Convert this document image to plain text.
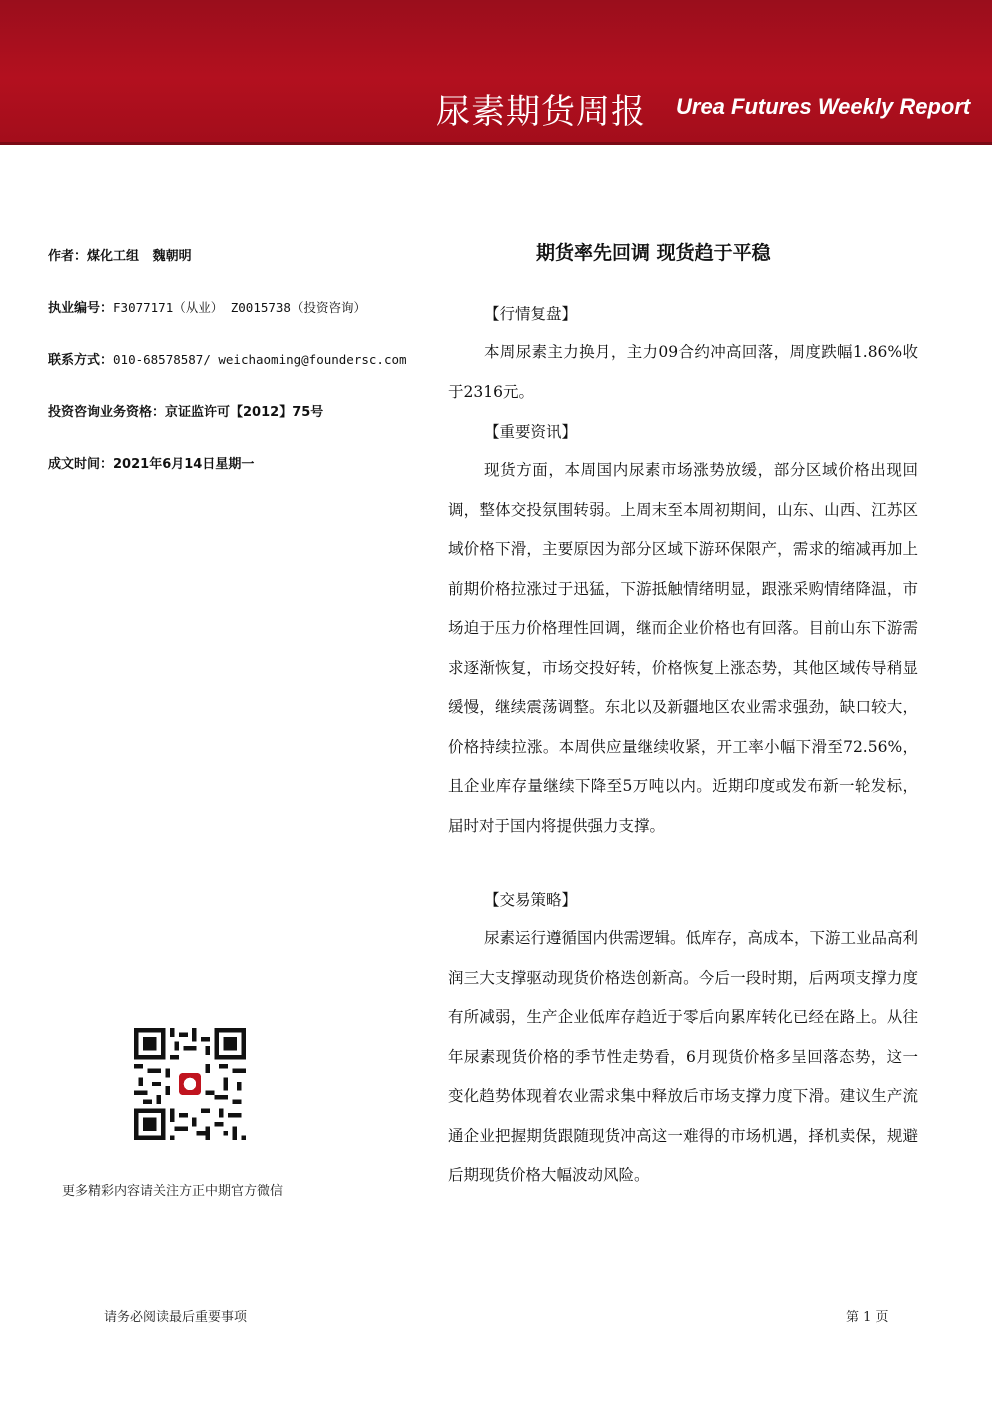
尿素期货周报 Urea Futures Weekly Report
作者：煤化工组   魏朝明
执业编号：F3077171（从业） Z0015738（投资咨询）
联系方式：010-68578587/ weichaoming@foundersc.com
投资咨询业务资格：京证监许可【2012】75号
成文时间：2021年6月14日星期一
期货率先回调 现货趋于平稳
【行情复盘】
本周尿素主力换月，主力09合约冲高回落，周度跌幅1.86%收于2316元。
【重要资讯】
现货方面，本周国内尿素市场涨势放缓，部分区域价格出现回调，整体交投氛围转弱。上周末至本周初期间，山东、山西、江苏区域价格下滑，主要原因为部分区域下游环保限产，需求的缩减再加上前期价格拉涨过于迅猛，下游抵触情绪明显，跟涨采购情绪降温，市场迫于压力价格理性回调，继而企业价格也有回落。目前山东下游需求逐渐恢复，市场交投好转，价格恢复上涨态势，其他区域传导稍显缓慢，继续震荡调整。东北以及新疆地区农业需求强劲，缺口较大，价格持续拉涨。本周供应量继续收紧，开工率小幅下滑至72.56%，且企业库存量继续下降至5万吨以内。近期印度或发布新一轮发标，届时对于国内将提供强力支撑。
【交易策略】
尿素运行遵循国内供需逻辑。低库存，高成本，下游工业品高利润三大支撑驱动现货价格迭创新高。今后一段时期，后两项支撑力度有所减弱，生产企业低库存趋近于零后向累库转化已经在路上。从往年尿素现货价格的季节性走势看，6月现货价格多呈回落态势，这一变化趋势体现着农业需求集中释放后市场支撑力度下滑。建议生产流通企业把握期货跟随现货冲高这一难得的市场机遇，择机卖保，规避后期现货价格大幅波动风险。
更多精彩内容请关注方正中期官方微信
请务必阅读最后重要事项	第 1 页
